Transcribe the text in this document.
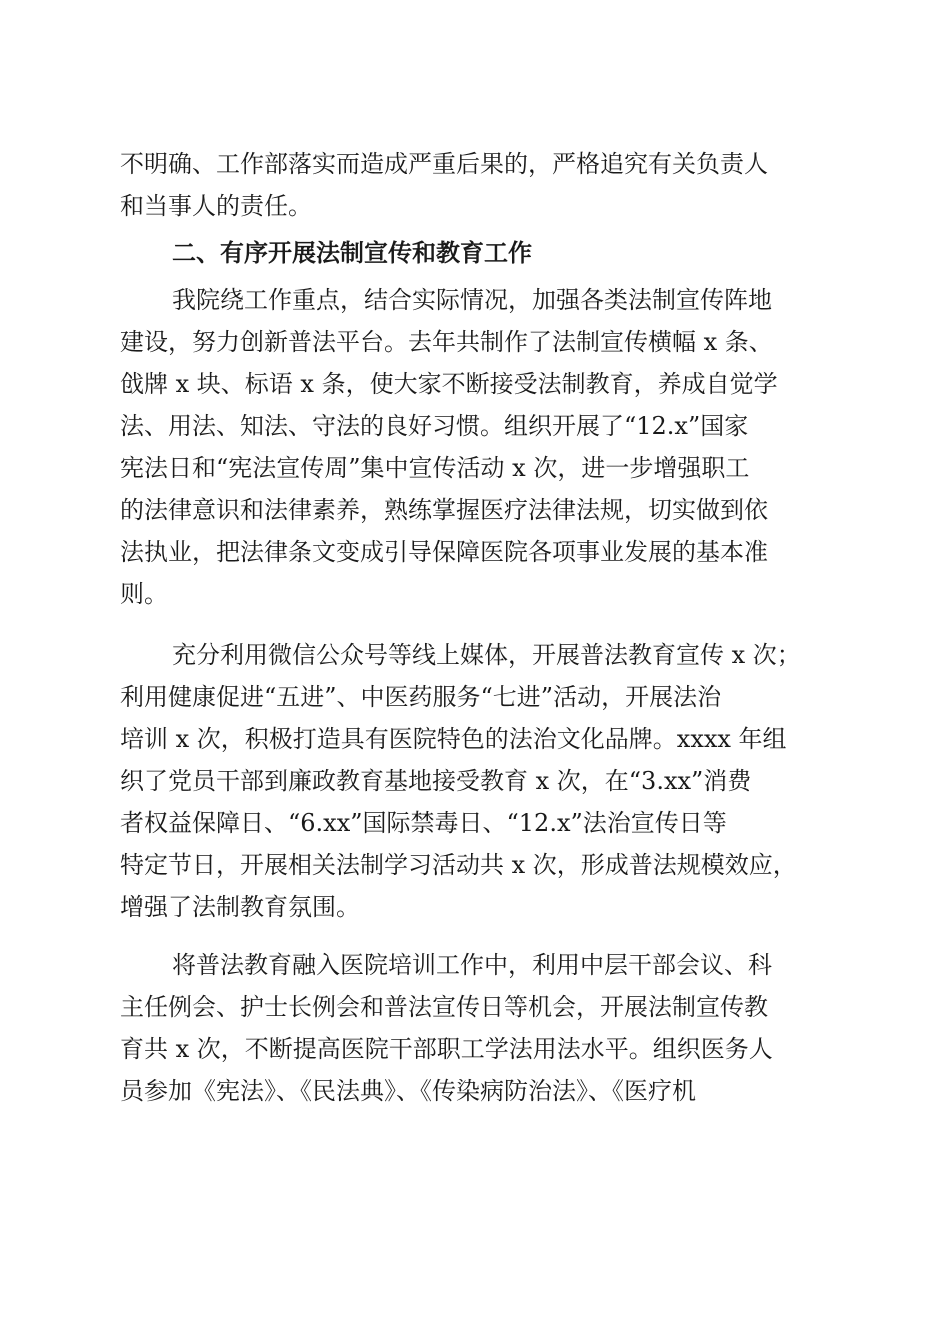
不明确、工作部落实而造成严重后果的，严格追究有关负责人
和当事人的责任。
二、有序开展法制宣传和教育工作
我院绕工作重点，结合实际情况，加强各类法制宣传阵地
建设，努力创新普法平台。去年共制作了法制宣传横幅 x 条、
戗牌 x 块、标语 x 条，使大家不断接受法制教育，养成自觉学
法、用法、知法、守法的良好习惯。组织开展了“12.x”国家
宪法日和“宪法宣传周”集中宣传活动 x 次，进一步增强职工
的法律意识和法律素养，熟练掌握医疗法律法规，切实做到依
法执业，把法律条文变成引导保障医院各项事业发展的基本准
则。
充分利用微信公众号等线上媒体，开展普法教育宣传 x 次；
利用健康促进“五进”、中医药服务“七进”活动，开展法治
培训 x 次，积极打造具有医院特色的法治文化品牌。xxxx 年组
织了党员干部到廉政教育基地接受教育 x 次，在“3.xx”消费
者权益保障日、“6.xx”国际禁毒日、“12.x”法治宣传日等
特定节日，开展相关法制学习活动共 x 次，形成普法规模效应，
增强了法制教育氛围。
将普法教育融入医院培训工作中，利用中层干部会议、科
主任例会、护士长例会和普法宣传日等机会，开展法制宣传教
育共 x 次，不断提高医院干部职工学法用法水平。组织医务人
员参加《宪法》、《民法典》、《传染病防治法》、《医疗机
